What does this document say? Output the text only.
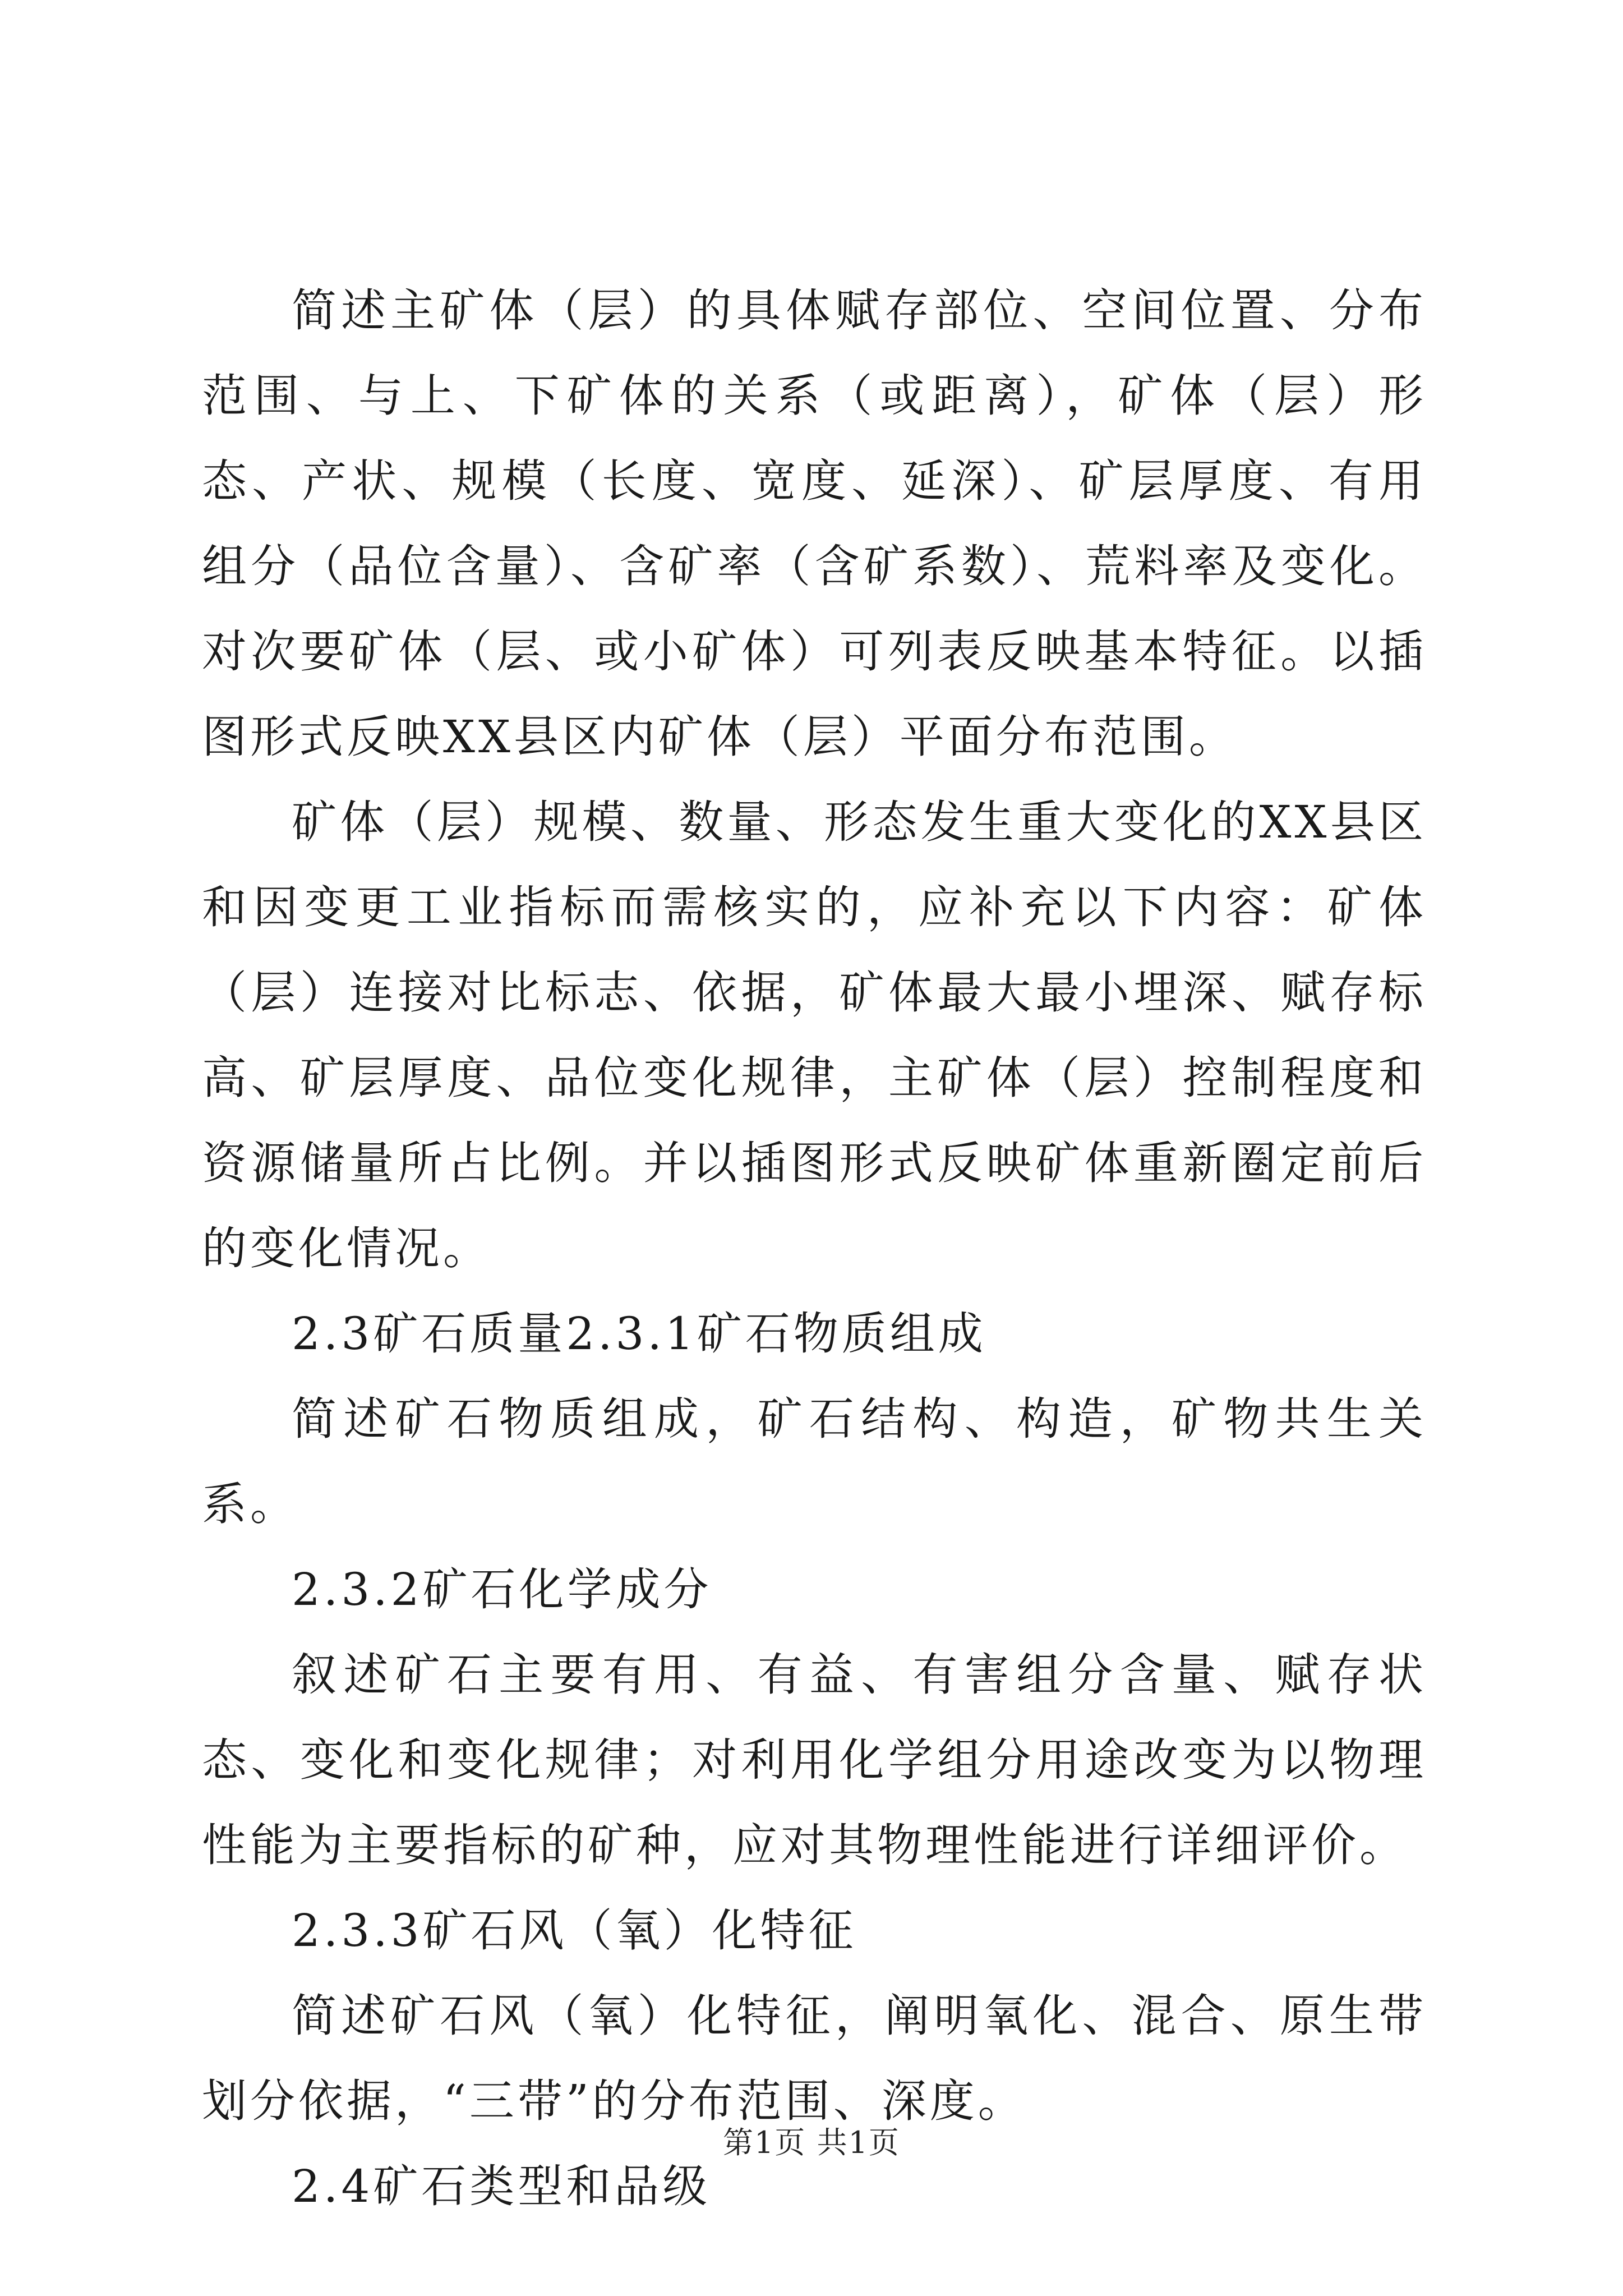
简述主矿体（层）的具体赋存部位、空间位置、分布范围、与上、下矿体的关系（或距离），矿体（层）形态、产状、规模（长度、宽度、延深）、矿层厚度、有用组分（品位含量）、含矿率（含矿系数）、荒料率及变化。对次要矿体（层、或小矿体）可列表反映基本特征。以插图形式反映XX县区内矿体（层）平面分布范围。

矿体（层）规模、数量、形态发生重大变化的XX县区和因变更工业指标而需核实的，应补充以下内容：矿体（层）连接对比标志、依据，矿体最大最小埋深、赋存标高、矿层厚度、品位变化规律，主矿体（层）控制程度和资源储量所占比例。并以插图形式反映矿体重新圈定前后的变化情况。

2.3矿石质量2.3.1矿石物质组成

简述矿石物质组成，矿石结构、构造，矿物共生关系。

2.3.2矿石化学成分

叙述矿石主要有用、有益、有害组分含量、赋存状态、变化和变化规律；对利用化学组分用途改变为以物理性能为主要指标的矿种，应对其物理性能进行详细评价。

2.3.3矿石风（氧）化特征

简述矿石风（氧）化特征，阐明氧化、混合、原生带划分依据，“三带”的分布范围、深度。

2.4矿石类型和品级

第1页 共1页
